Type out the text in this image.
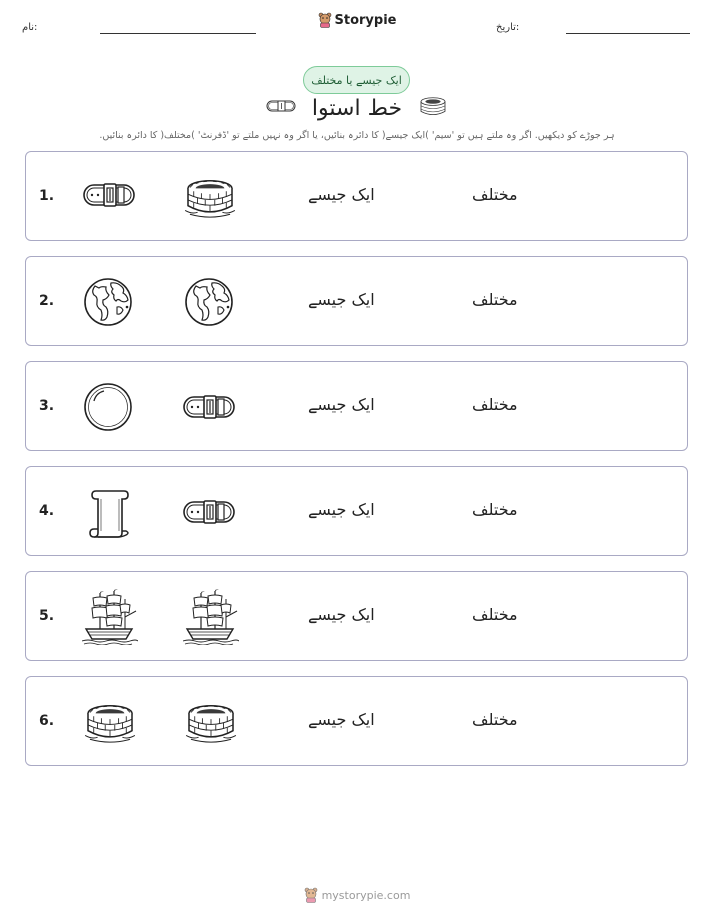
نام:	Storypie	تاریخ:
ایک جیسے یا مختلف
خط استوا
ہر جوڑے کو دیکھیں. اگر وہ ملتے ہیں تو 'سیم' )ایک جیسے( کا دائرہ بنائیں، یا اگر وہ نہیں ملتے تو 'ڈفرنٹ' )مختلف( کا دائرہ بنائیں.
1.	ایک جیسے	مختلف
2.	ایک جیسے	مختلف
3.	ایک جیسے	مختلف
4.	ایک جیسے	مختلف
5.	ایک جیسے	مختلف
6.	ایک جیسے	مختلف
mystorypie.com
